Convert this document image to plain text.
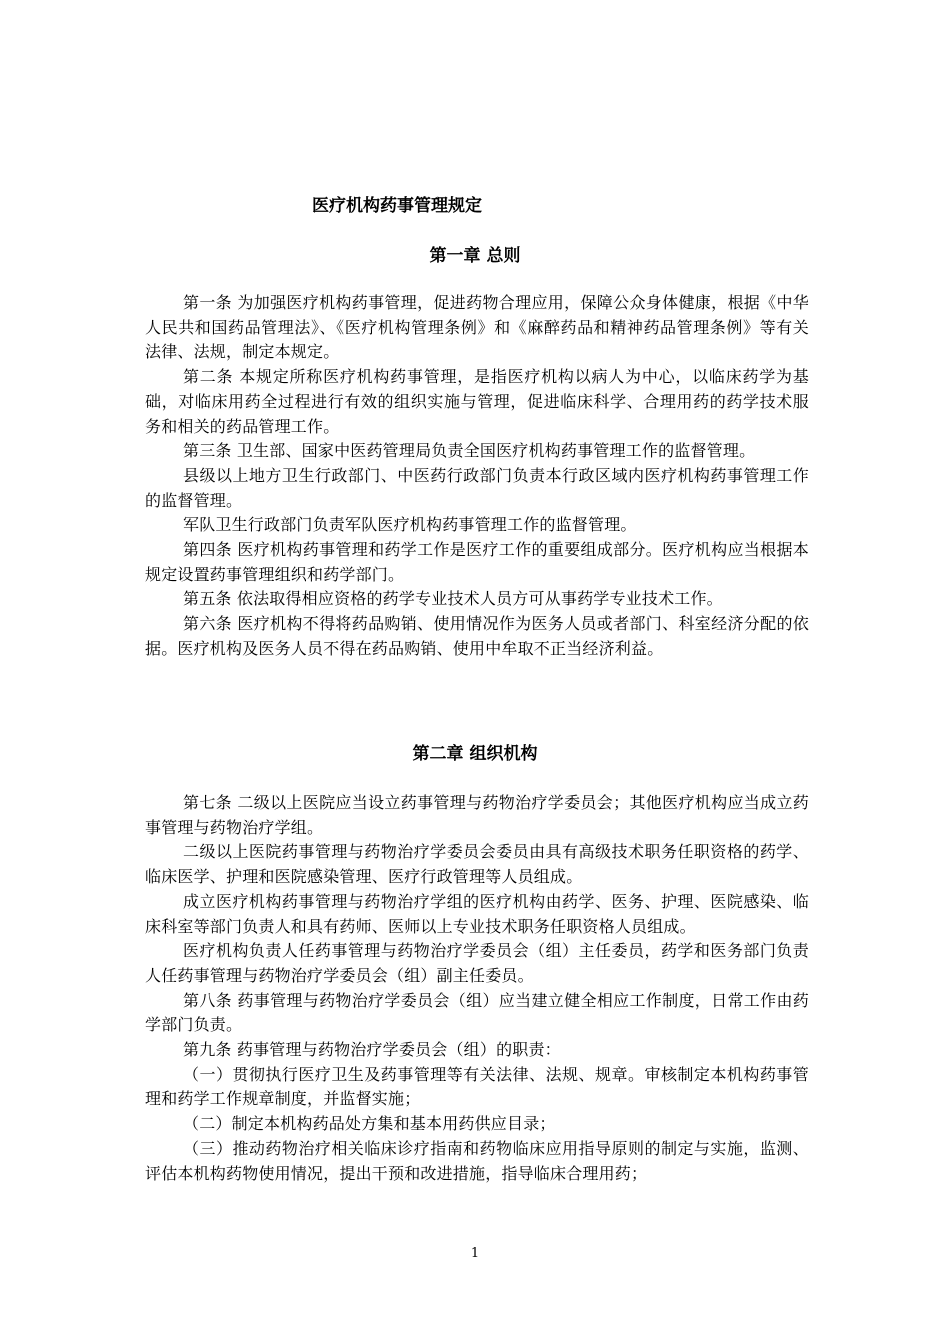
医疗机构药事管理规定
第一章 总则

第一条 为加强医疗机构药事管理，促进药物合理应用，保障公众身体健康，根据《中华人民共和国药品管理法》、《医疗机构管理条例》和《麻醉药品和精神药品管理条例》等有关法律、法规，制定本规定。

第二条 本规定所称医疗机构药事管理，是指医疗机构以病人为中心，以临床药学为基础，对临床用药全过程进行有效的组织实施与管理，促进临床科学、合理用药的药学技术服务和相关的药品管理工作。

第三条 卫生部、国家中医药管理局负责全国医疗机构药事管理工作的监督管理。

县级以上地方卫生行政部门、中医药行政部门负责本行政区域内医疗机构药事管理工作的监督管理。

军队卫生行政部门负责军队医疗机构药事管理工作的监督管理。

第四条 医疗机构药事管理和药学工作是医疗工作的重要组成部分。医疗机构应当根据本规定设置药事管理组织和药学部门。

第五条 依法取得相应资格的药学专业技术人员方可从事药学专业技术工作。

第六条 医疗机构不得将药品购销、使用情况作为医务人员或者部门、科室经济分配的依据。医疗机构及医务人员不得在药品购销、使用中牟取不正当经济利益。

第二章 组织机构

第七条 二级以上医院应当设立药事管理与药物治疗学委员会；其他医疗机构应当成立药事管理与药物治疗学组。

二级以上医院药事管理与药物治疗学委员会委员由具有高级技术职务任职资格的药学、临床医学、护理和医院感染管理、医疗行政管理等人员组成。

成立医疗机构药事管理与药物治疗学组的医疗机构由药学、医务、护理、医院感染、临床科室等部门负责人和具有药师、医师以上专业技术职务任职资格人员组成。

医疗机构负责人任药事管理与药物治疗学委员会（组）主任委员，药学和医务部门负责人任药事管理与药物治疗学委员会（组）副主任委员。

第八条 药事管理与药物治疗学委员会（组）应当建立健全相应工作制度，日常工作由药学部门负责。

第九条 药事管理与药物治疗学委员会（组）的职责：

（一）贯彻执行医疗卫生及药事管理等有关法律、法规、规章。审核制定本机构药事管理和药学工作规章制度，并监督实施；

（二）制定本机构药品处方集和基本用药供应目录；

（三）推动药物治疗相关临床诊疗指南和药物临床应用指导原则的制定与实施，监测、评估本机构药物使用情况，提出干预和改进措施，指导临床合理用药；

1
